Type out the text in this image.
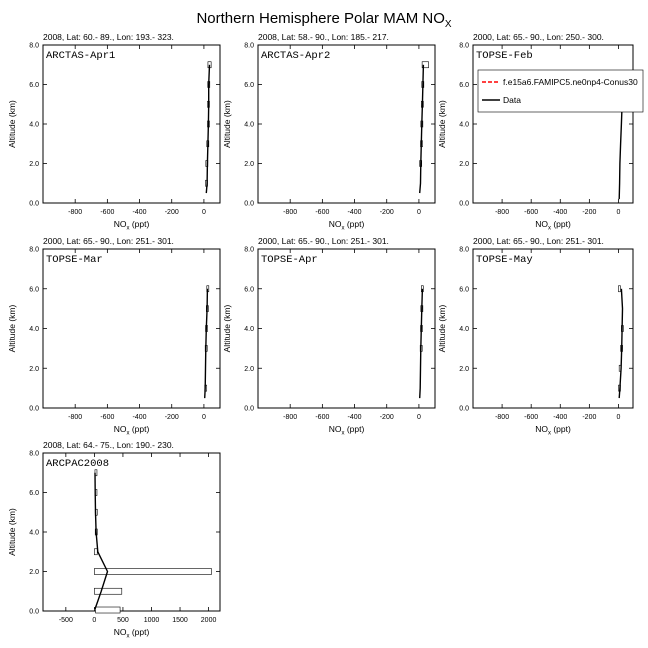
Northern Hemisphere Polar MAM $NO_X$
2008, Lat: 60.- 89., Lon: 193.- 323.
ARCTAS-Apr1
-800	-600	-400	-200	0
0.0
2.0
4.0
6.0
8.0
$NO_x$ (ppt)
Altitude (km)
2008, Lat: 58.- 90., Lon: 185.- 217.
ARCTAS-Apr2
-800	-600	-400	-200	0
0.0
2.0
4.0
6.0
8.0
$NO_x$ (ppt)
Altitude (km)
2000, Lat: 65.- 90., Lon: 250.- 300.
TOPSE-Feb
-800 -600 -400 -200	0
0.0
2.0
4.0
6.0
8.0
$NO_x$ (ppt)
Altitude (km)
2000, Lat: 65.- 90., Lon: 251.- 301.
TOPSE-Mar
-800	-600	-400	-200	0
0.0
2.0
4.0
6.0
8.0
$NO_x$ (ppt)
Altitude (km)
2000, Lat: 65.- 90., Lon: 251.- 301.
TOPSE-Apr
-800	-600	-400	-200	0
0.0
2.0
4.0
6.0
8.0
$NO_x$ (ppt)
Altitude (km)
2000, Lat: 65.- 90., Lon: 251.- 301.
TOPSE-May
-800 -600 -400 -200	0
0.0
2.0
4.0
6.0
8.0
$NO_x$ (ppt)
Altitude (km)
2008, Lat: 64.- 75., Lon: 190.- 230.
ARCPAC2008
-500	0	500 1000 1500 2000
0.0
2.0
4.0
6.0
8.0
$NO_x$ (ppt)
Altitude (km)
f.e15a6.FAMIPC5.ne0np4-Conus30
Data
